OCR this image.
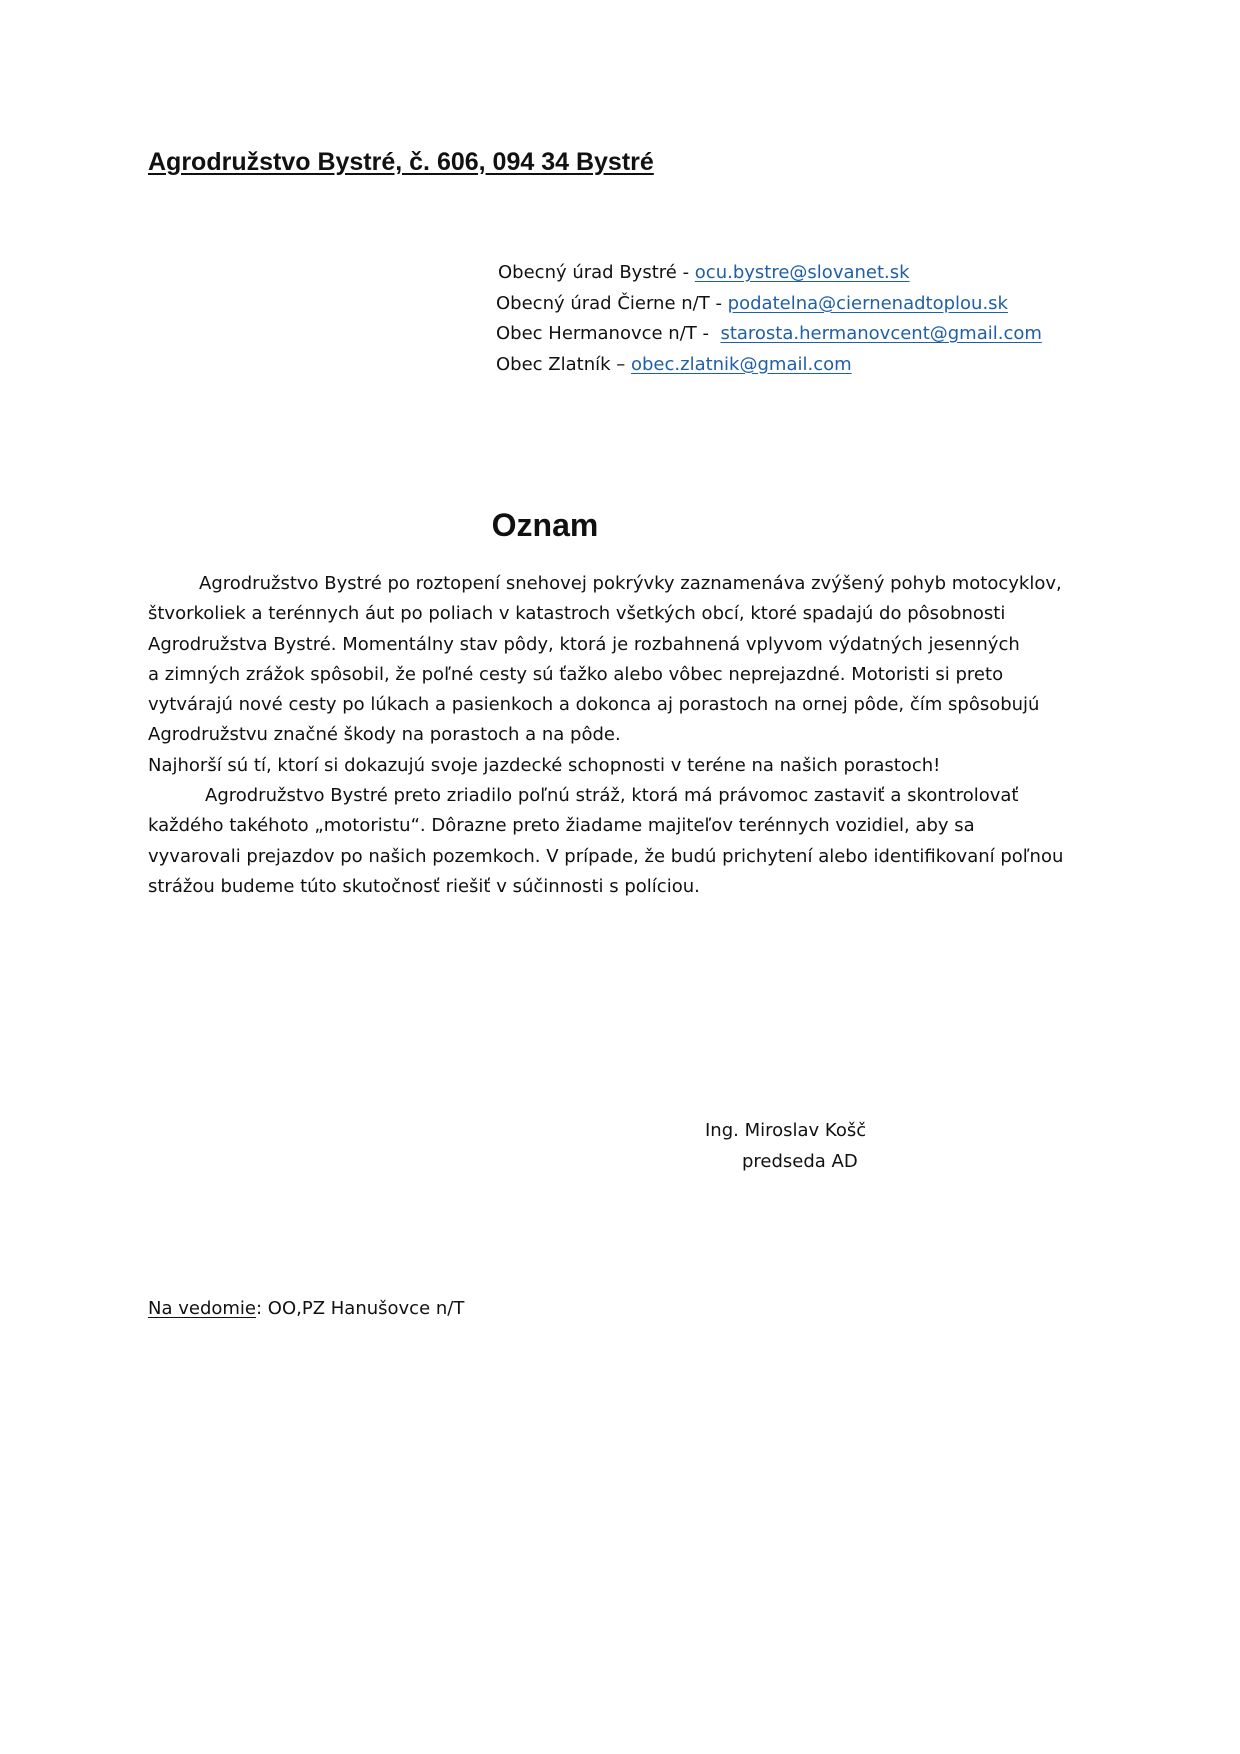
Agrodružstvo Bystré, č. 606, 094 34 Bystré
Obecný úrad Bystré - ocu.bystre@slovanet.sk
Obecný úrad Čierne n/T - podatelna@ciernenadtoplou.sk
Obec Hermanovce n/T -  starosta.hermanovcent@gmail.com
Obec Zlatník – obec.zlatnik@gmail.com
Oznam

Agrodružstvo Bystré po roztopení snehovej pokrývky zaznamenáva zvýšený pohyb motocyklov,

štvorkoliek a terénnych áut po poliach v katastroch všetkých obcí, ktoré spadajú do pôsobnosti

Agrodružstva Bystré. Momentálny stav pôdy, ktorá je rozbahnená vplyvom výdatných jesenných

a zimných zrážok spôsobil, že poľné cesty sú ťažko alebo vôbec neprejazdné. Motoristi si preto

vytvárajú nové cesty po lúkach a pasienkoch a dokonca aj porastoch na ornej pôde, čím spôsobujú

Agrodružstvu značné škody na porastoch a na pôde.

Najhorší sú tí, ktorí si dokazujú svoje jazdecké schopnosti v teréne na našich porastoch!

Agrodružstvo Bystré preto zriadilo poľnú stráž, ktorá má právomoc zastaviť a skontrolovať

každého takéhoto „motoristu“. Dôrazne preto žiadame majiteľov terénnych vozidiel, aby sa

vyvarovali prejazdov po našich pozemkoch. V prípade, že budú prichytení alebo identifikovaní poľnou

strážou budeme túto skutočnosť riešiť v súčinnosti s políciou.

Ing. Miroslav Košč
predseda AD
Na vedomie: OO,PZ Hanušovce n/T
